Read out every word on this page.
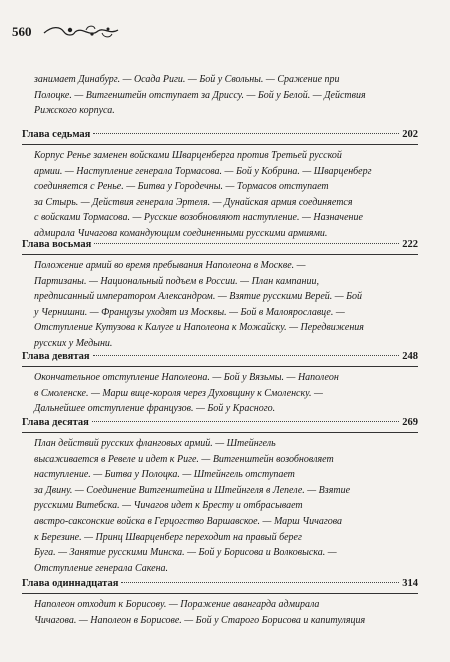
560

занимает Динабург. — Осада Риги. — Бой у Свольны. — Сражение при
Полоцке. — Витгенштейн отступает за Дриссу. — Бой у Белой. — Действия
Рижского корпуса.

Глава седьмая	202

Корпус Ренье заменен войсками Шварценберга против Третьей русской
армии. — Наступление генерала Тормасова. — Бой у Кобрина. — Шварценберг
соединяется с Ренье. — Битва у Городечны. — Тормасов отступает
за Стырь. — Действия генерала Эртеля. — Дунайская армия соединяется
с войсками Тормасова. — Русские возобновляют наступление. — Назначение
адмирала Чичагова командующим соединенными русскими армиями.

Глава восьмая	222

Положение армий во время пребывания Наполеона в Москве. —
Партизаны. — Национальный подъем в России. — План кампании,
предписанный императором Александром. — Взятие русскими Верей. — Бой
у Чернишни. — Французы уходят из Москвы. — Бой в Малоярославце. —
Отступление Кутузова к Калуге и Наполеона к Можайску. — Передвижения
русских у Медыни.

Глава девятая	248

Окончательное отступление Наполеона. — Бой у Вязьмы. — Наполеон
в Смоленске. — Марш вице-короля через Духовщину к Смоленску. —
Дальнейшее отступление французов. — Бой у Красного.

Глава десятая	269

План действий русских фланговых армий. — Штейнгель
высаживается в Ревеле и идет к Риге. — Витгенштейн возобновляет
наступление. — Битва у Полоцка. — Штейнгель отступает
за Двину. — Соединение Витгенштейна и Штейнгеля в Лепеле. — Взятие
русскими Витебска. — Чичагов идет к Бресту и отбрасывает
австро-саксонские войска в Герцогство Варшавское. — Марш Чичагова
к Березине. — Принц Шварценберг переходит на правый берег
Буга. — Занятие русскими Минска. — Бой у Борисова и Волковыска. —
Отступление генерала Сакена.

Глава одиннадцатая	314

Наполеон отходит к Борисову. — Поражение авангарда адмирала
Чичагова. — Наполеон в Борисове. — Бой у Старого Борисова и капитуляция
